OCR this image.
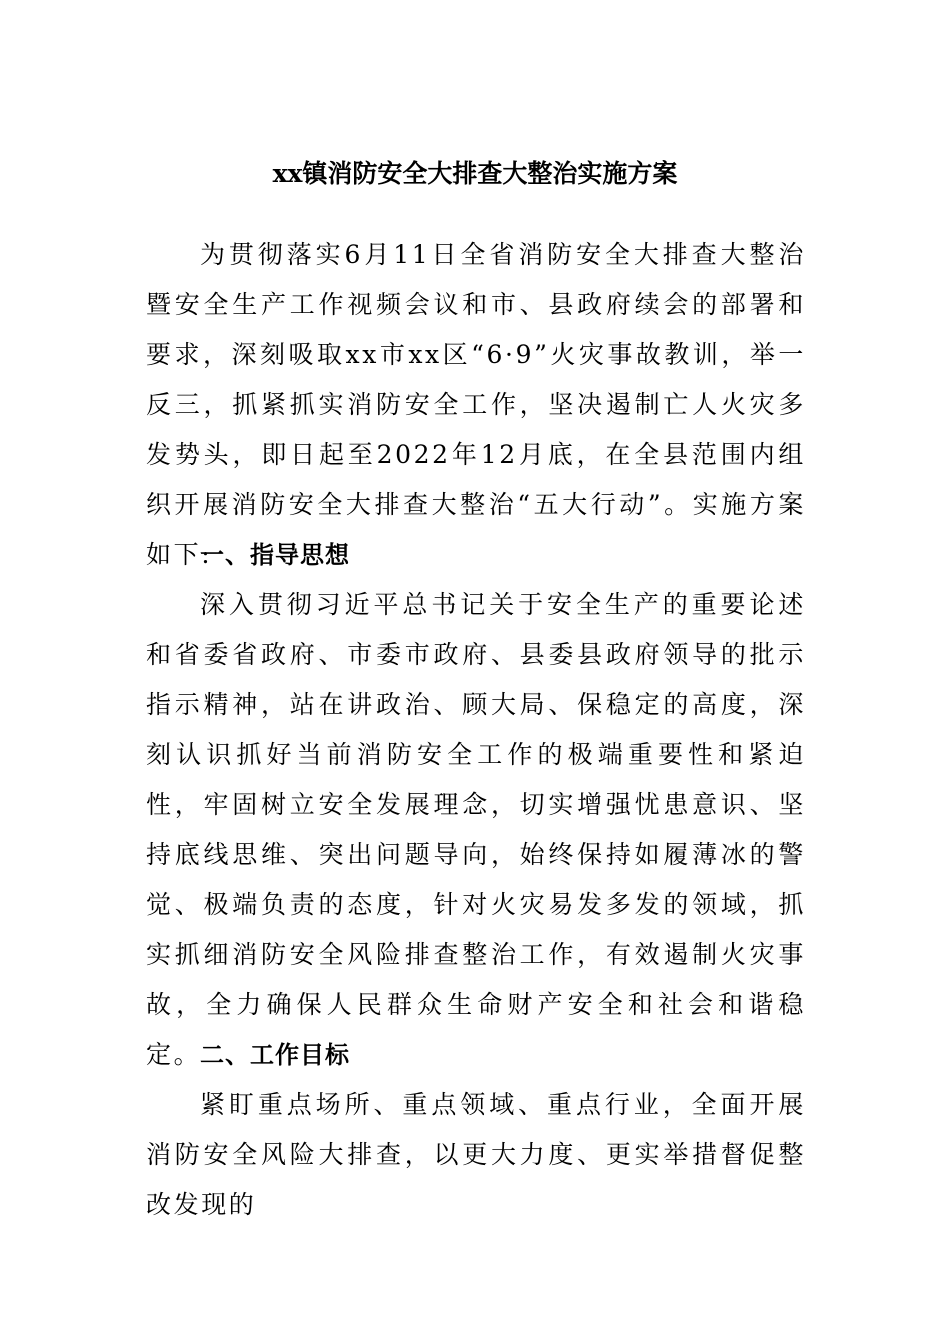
xx镇消防安全大排查大整治实施方案

为贯彻落实6月11日全省消防安全大排查大整治暨安全生产工作视频会议和市、县政府续会的部署和要求，深刻吸取xx市xx区“6·9”火灾事故教训，举一反三，抓紧抓实消防安全工作，坚决遏制亡人火灾多发势头，即日起至2022年12月底，在全县范围内组织开展消防安全大排查大整治“五大行动”。实施方案如下:

一、指导思想

深入贯彻习近平总书记关于安全生产的重要论述和省委省政府、市委市政府、县委县政府领导的批示指示精神，站在讲政治、顾大局、保稳定的高度，深刻认识抓好当前消防安全工作的极端重要性和紧迫性，牢固树立安全发展理念，切实增强忧患意识、坚持底线思维、突出问题导向，始终保持如履薄冰的警觉、极端负责的态度，针对火灾易发多发的领域，抓实抓细消防安全风险排查整治工作，有效遏制火灾事故，全力确保人民群众生命财产安全和社会和谐稳定。

二、工作目标

紧盯重点场所、重点领域、重点行业，全面开展消防安全风险大排查，以更大力度、更实举措督促整改发现的
